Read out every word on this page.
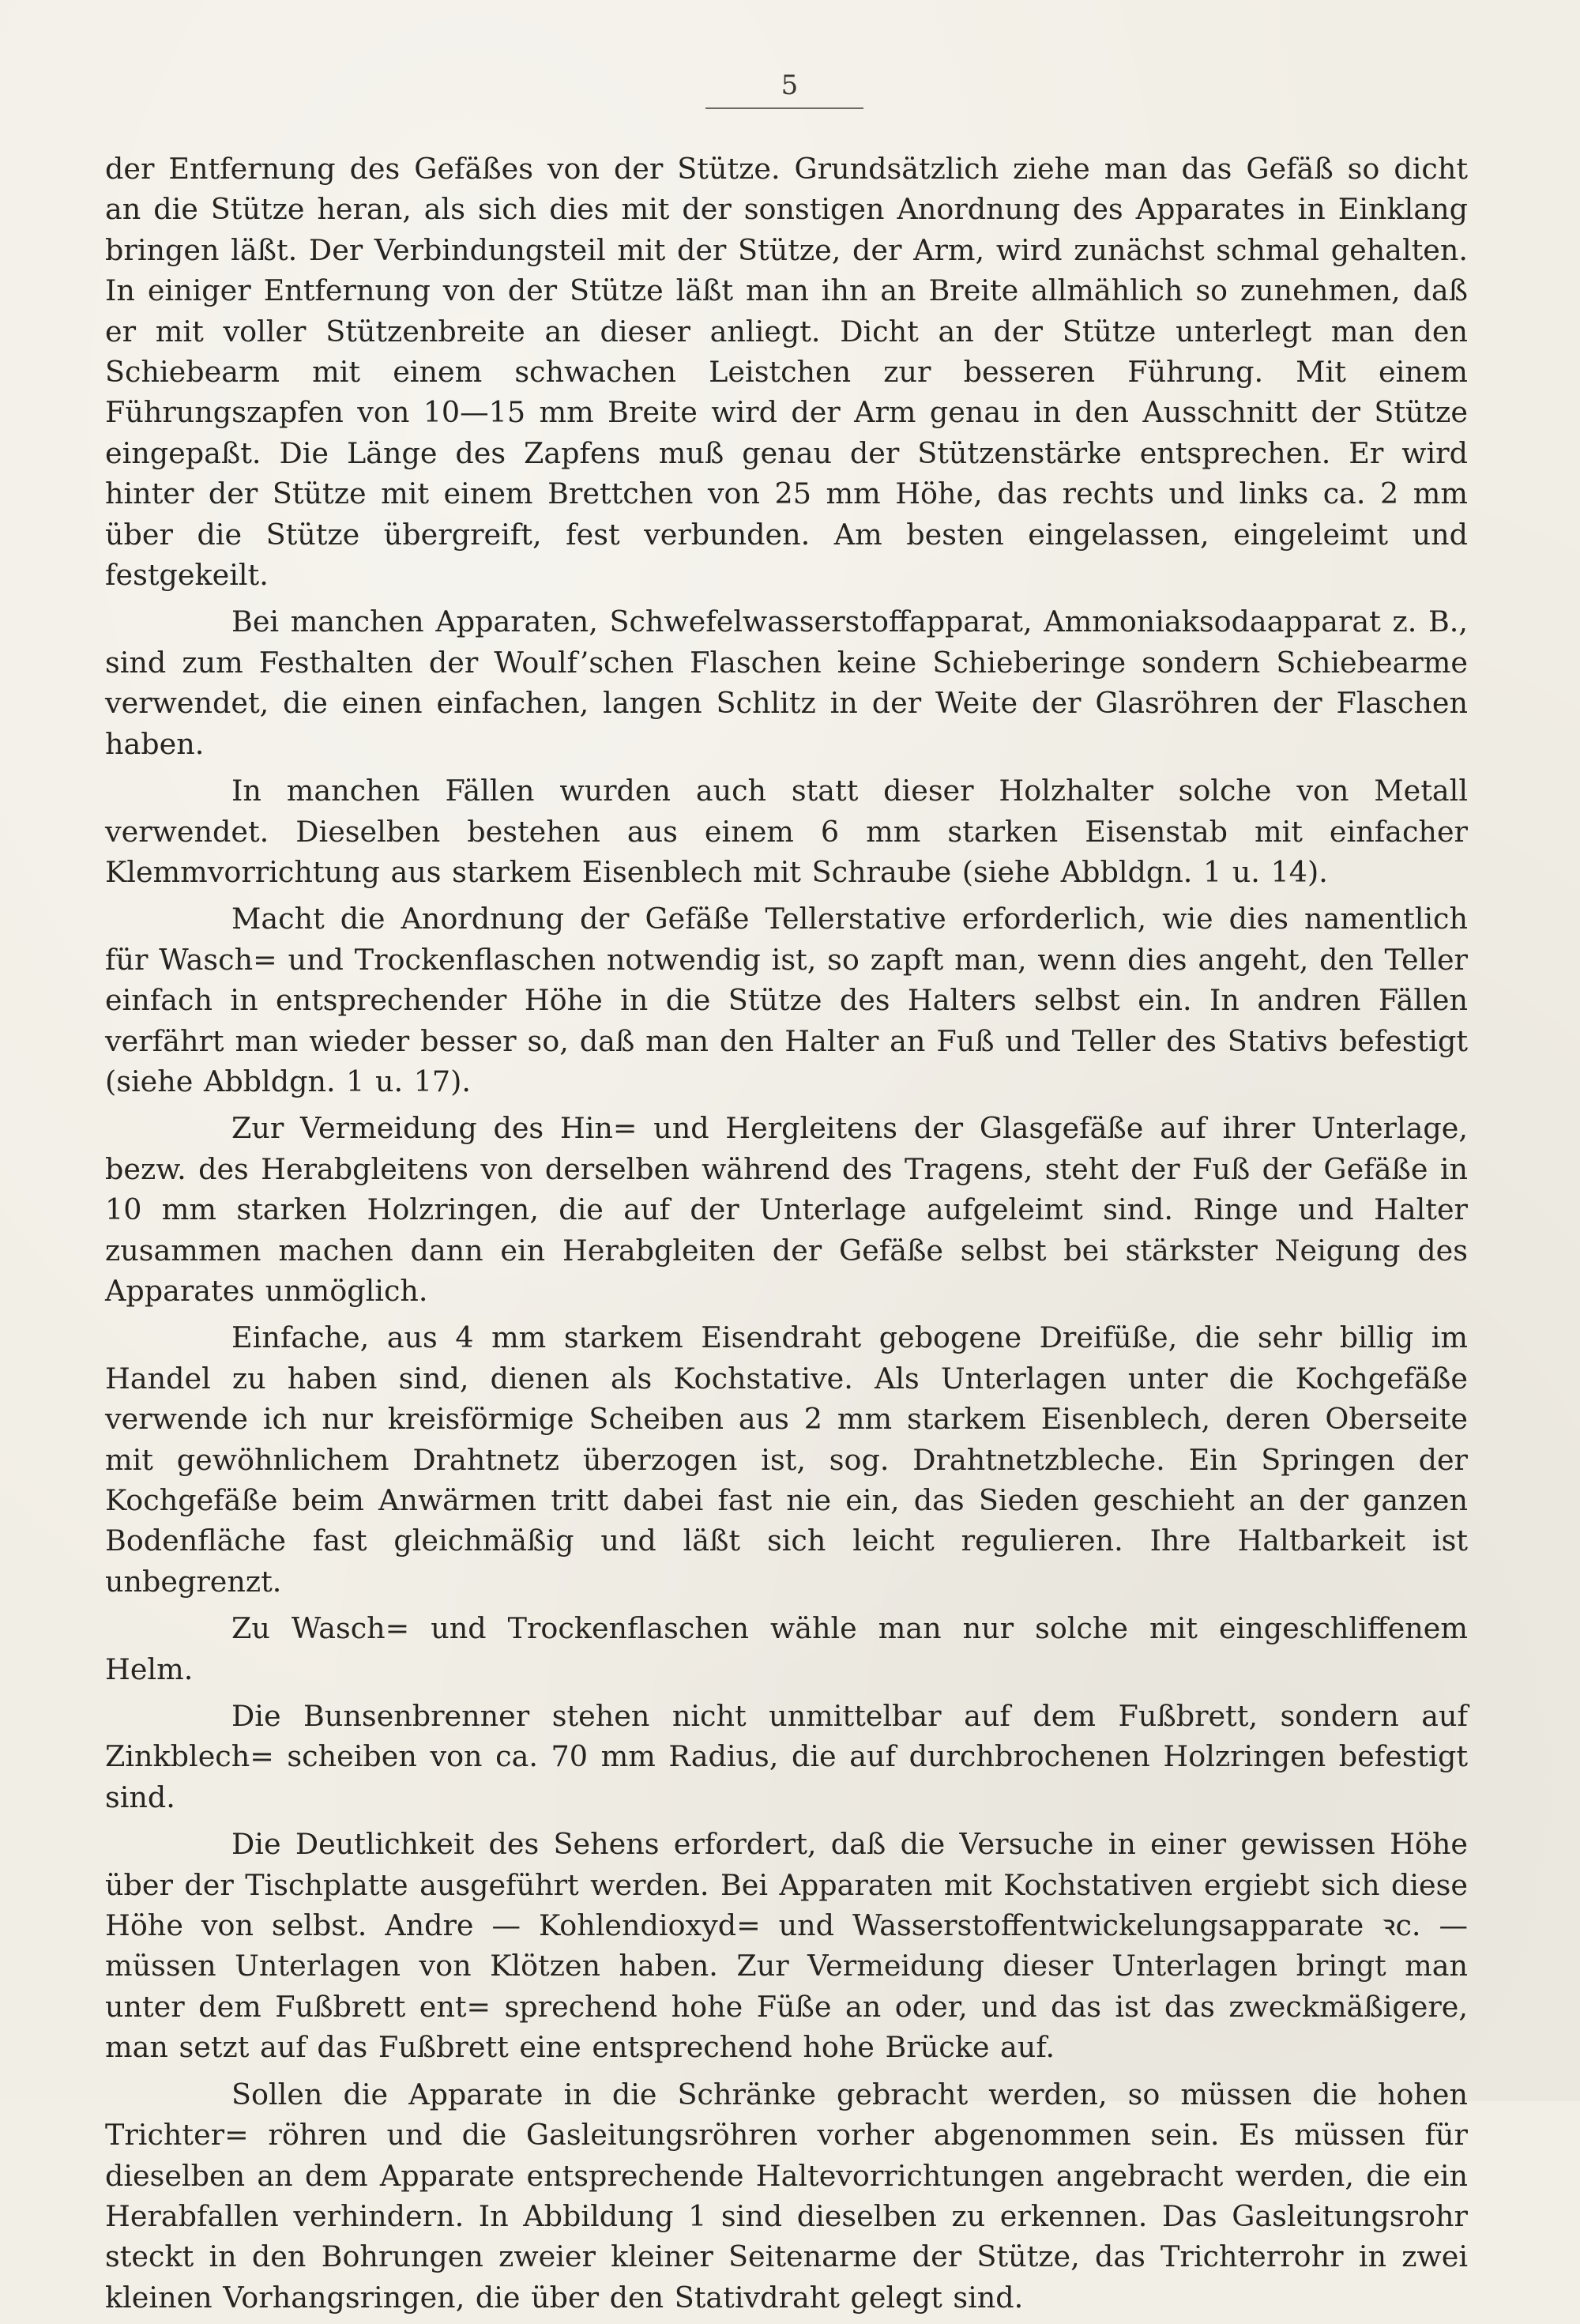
5

der Entfernung des Gefäßes von der Stütze. Grundsätzlich ziehe man das Gefäß so dicht an die Stütze heran, als sich dies mit der sonstigen Anordnung des Apparates in Einklang bringen läßt. Der Verbindungsteil mit der Stütze, der Arm, wird zunächst schmal gehalten. In einiger Entfernung von der Stütze läßt man ihn an Breite allmählich so zunehmen, daß er mit voller Stützenbreite an dieser anliegt. Dicht an der Stütze unterlegt man den Schiebearm mit einem schwachen Leistchen zur besseren Führung. Mit einem Führungszapfen von 10—15 mm Breite wird der Arm genau in den Ausschnitt der Stütze eingepaßt. Die Länge des Zapfens muß genau der Stützenstärke entsprechen. Er wird hinter der Stütze mit einem Brettchen von 25 mm Höhe, das rechts und links ca. 2 mm über die Stütze übergreift, fest verbunden. Am besten eingelassen, eingeleimt und festgekeilt.

Bei manchen Apparaten, Schwefelwasserstoffapparat, Ammoniaksodaapparat z. B., sind zum Festhalten der Woulf’schen Flaschen keine Schieberinge sondern Schiebearme verwendet, die einen einfachen, langen Schlitz in der Weite der Glasröhren der Flaschen haben.

In manchen Fällen wurden auch statt dieser Holzhalter solche von Metall verwendet. Dieselben bestehen aus einem 6 mm starken Eisenstab mit einfacher Klemmvorrichtung aus starkem Eisenblech mit Schraube (siehe Abbldgn. 1 u. 14).

Macht die Anordnung der Gefäße Tellerstative erforderlich, wie dies namentlich für Wasch= und Trockenflaschen notwendig ist, so zapft man, wenn dies angeht, den Teller einfach in entsprechender Höhe in die Stütze des Halters selbst ein. In andren Fällen verfährt man wieder besser so, daß man den Halter an Fuß und Teller des Stativs befestigt (siehe Abbldgn. 1 u. 17).

Zur Vermeidung des Hin= und Hergleitens der Glasgefäße auf ihrer Unterlage, bezw. des Herabgleitens von derselben während des Tragens, steht der Fuß der Gefäße in 10 mm starken Holzringen, die auf der Unterlage aufgeleimt sind. Ringe und Halter zusammen machen dann ein Herabgleiten der Gefäße selbst bei stärkster Neigung des Apparates unmöglich.

Einfache, aus 4 mm starkem Eisendraht gebogene Dreifüße, die sehr billig im Handel zu haben sind, dienen als Kochstative. Als Unterlagen unter die Kochgefäße verwende ich nur kreisförmige Scheiben aus 2 mm starkem Eisenblech, deren Oberseite mit gewöhnlichem Drahtnetz überzogen ist, sog. Drahtnetzbleche. Ein Springen der Kochgefäße beim Anwärmen tritt dabei fast nie ein, das Sieden geschieht an der ganzen Bodenfläche fast gleichmäßig und läßt sich leicht regulieren. Ihre Haltbarkeit ist unbegrenzt.

Zu Wasch= und Trockenflaschen wähle man nur solche mit eingeschliffenem Helm.

Die Bunsenbrenner stehen nicht unmittelbar auf dem Fußbrett, sondern auf Zinkblech= scheiben von ca. 70 mm Radius, die auf durchbrochenen Holzringen befestigt sind.

Die Deutlichkeit des Sehens erfordert, daß die Versuche in einer gewissen Höhe über der Tischplatte ausgeführt werden. Bei Apparaten mit Kochstativen ergiebt sich diese Höhe von selbst. Andre — Kohlendioxyd= und Wasserstoffentwickelungsapparate ꝛc. — müssen Unterlagen von Klötzen haben. Zur Vermeidung dieser Unterlagen bringt man unter dem Fußbrett ent= sprechend hohe Füße an oder, und das ist das zweckmäßigere, man setzt auf das Fußbrett eine entsprechend hohe Brücke auf.

Sollen die Apparate in die Schränke gebracht werden, so müssen die hohen Trichter= röhren und die Gasleitungsröhren vorher abgenommen sein. Es müssen für dieselben an dem Apparate entsprechende Haltevorrichtungen angebracht werden, die ein Herabfallen verhindern. In Abbildung 1 sind dieselben zu erkennen. Das Gasleitungsrohr steckt in den Bohrungen zweier kleiner Seitenarme der Stütze, das Trichterrohr in zwei kleinen Vorhangsringen, die über den Stativdraht gelegt sind.
